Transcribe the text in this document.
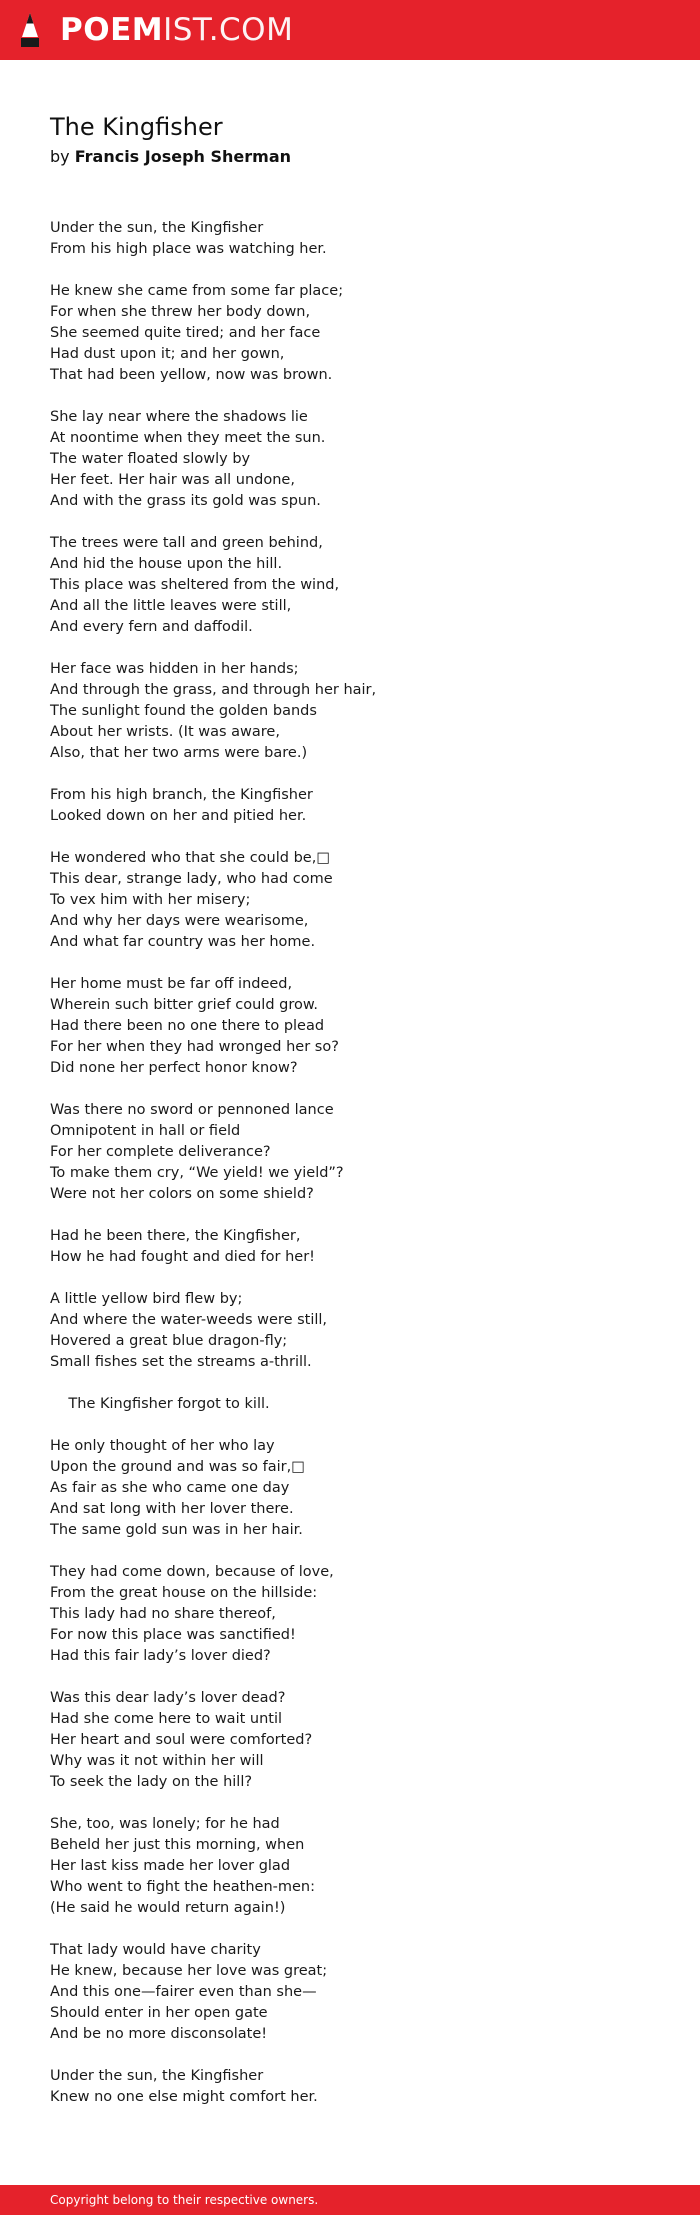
POEMIST.COM
The Kingfisher
by Francis Joseph Sherman

Under the sun, the Kingfisher
From his high place was watching her.

He knew she came from some far place;
For when she threw her body down,
She seemed quite tired; and her face
Had dust upon it; and her gown,
That had been yellow, now was brown.

She lay near where the shadows lie
At noontime when they meet the sun.
The water floated slowly by
Her feet. Her hair was all undone,
And with the grass its gold was spun.

The trees were tall and green behind,
And hid the house upon the hill.
This place was sheltered from the wind,
And all the little leaves were still,
And every fern and daffodil.

Her face was hidden in her hands;
And through the grass, and through her hair,
The sunlight found the golden bands
About her wrists. (It was aware,
Also, that her two arms were bare.)

From his high branch, the Kingfisher
Looked down on her and pitied her.

He wondered who that she could be,□
This dear, strange lady, who had come
To vex him with her misery;
And why her days were wearisome,
And what far country was her home.

Her home must be far off indeed,
Wherein such bitter grief could grow.
Had there been no one there to plead
For her when they had wronged her so?
Did none her perfect honor know?

Was there no sword or pennoned lance
Omnipotent in hall or field
For her complete deliverance?
To make them cry, “We yield! we yield”?
Were not her colors on some shield?

Had he been there, the Kingfisher,
How he had fought and died for her!

A little yellow bird flew by;
And where the water-weeds were still,
Hovered a great blue dragon-fly;
Small fishes set the streams a-thrill.

The Kingfisher forgot to kill.

He only thought of her who lay
Upon the ground and was so fair,□
As fair as she who came one day
And sat long with her lover there.
The same gold sun was in her hair.

They had come down, because of love,
From the great house on the hillside:
This lady had no share thereof,
For now this place was sanctified!
Had this fair lady’s lover died?

Was this dear lady’s lover dead?
Had she come here to wait until
Her heart and soul were comforted?
Why was it not within her will
To seek the lady on the hill?

She, too, was lonely; for he had
Beheld her just this morning, when
Her last kiss made her lover glad
Who went to fight the heathen-men:
(He said he would return again!)

That lady would have charity
He knew, because her love was great;
And this one—fairer even than she—
Should enter in her open gate
And be no more disconsolate!

Under the sun, the Kingfisher
Knew no one else might comfort her.

Copyright belong to their respective owners.
